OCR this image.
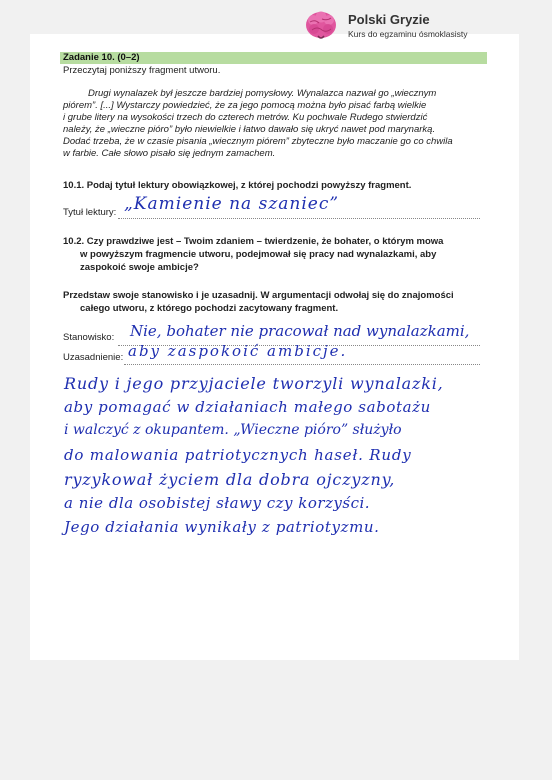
Polski Gryzie
Kurs do egzaminu ósmoklasisty
Zadanie 10. (0–2)
Przeczytaj poniższy fragment utworu.
Drugi wynalazek był jeszcze bardziej pomysłowy. Wynalazca nazwał go „wiecznym
piórem”. [...] Wystarczy powiedzieć, że za jego pomocą można było pisać farbą wielkie
i grube litery na wysokości trzech do czterech metrów. Ku pochwale Rudego stwierdzić
należy, że „wieczne pióro” było niewielkie i łatwo dawało się ukryć nawet pod marynarką.
Dodać trzeba, że w czasie pisania „wiecznym piórem” zbyteczne było maczanie go co chwila
w farbie. Całe słowo pisało się jednym zamachem.
10.1. Podaj tytuł lektury obowiązkowej, z której pochodzi powyższy fragment.
Tytuł lektury: „Kamienie na szaniec”
10.2. Czy prawdziwe jest – Twoim zdaniem – twierdzenie, że bohater, o którym mowa
w powyższym fragmencie utworu, podejmował się pracy nad wynalazkami, aby
zaspokoić swoje ambicje?
Przedstaw swoje stanowisko i je uzasadnij. W argumentacji odwołaj się do znajomości
całego utworu, z którego pochodzi zacytowany fragment.
Stanowisko:
Uzasadnienie:
Nie, bohater nie pracował nad wynalazkami,
aby zaspokoić ambicje.
Rudy i jego przyjaciele tworzyli wynalazki,
aby pomagać w działaniach małego sabotażu
i walczyć z okupantem. „Wieczne pióro” służyło
do malowania patriotycznych haseł. Rudy
ryzykował życiem dla dobra ojczyzny,
a nie dla osobistej sławy czy korzyści.
Jego działania wynikały z patriotyzmu.
